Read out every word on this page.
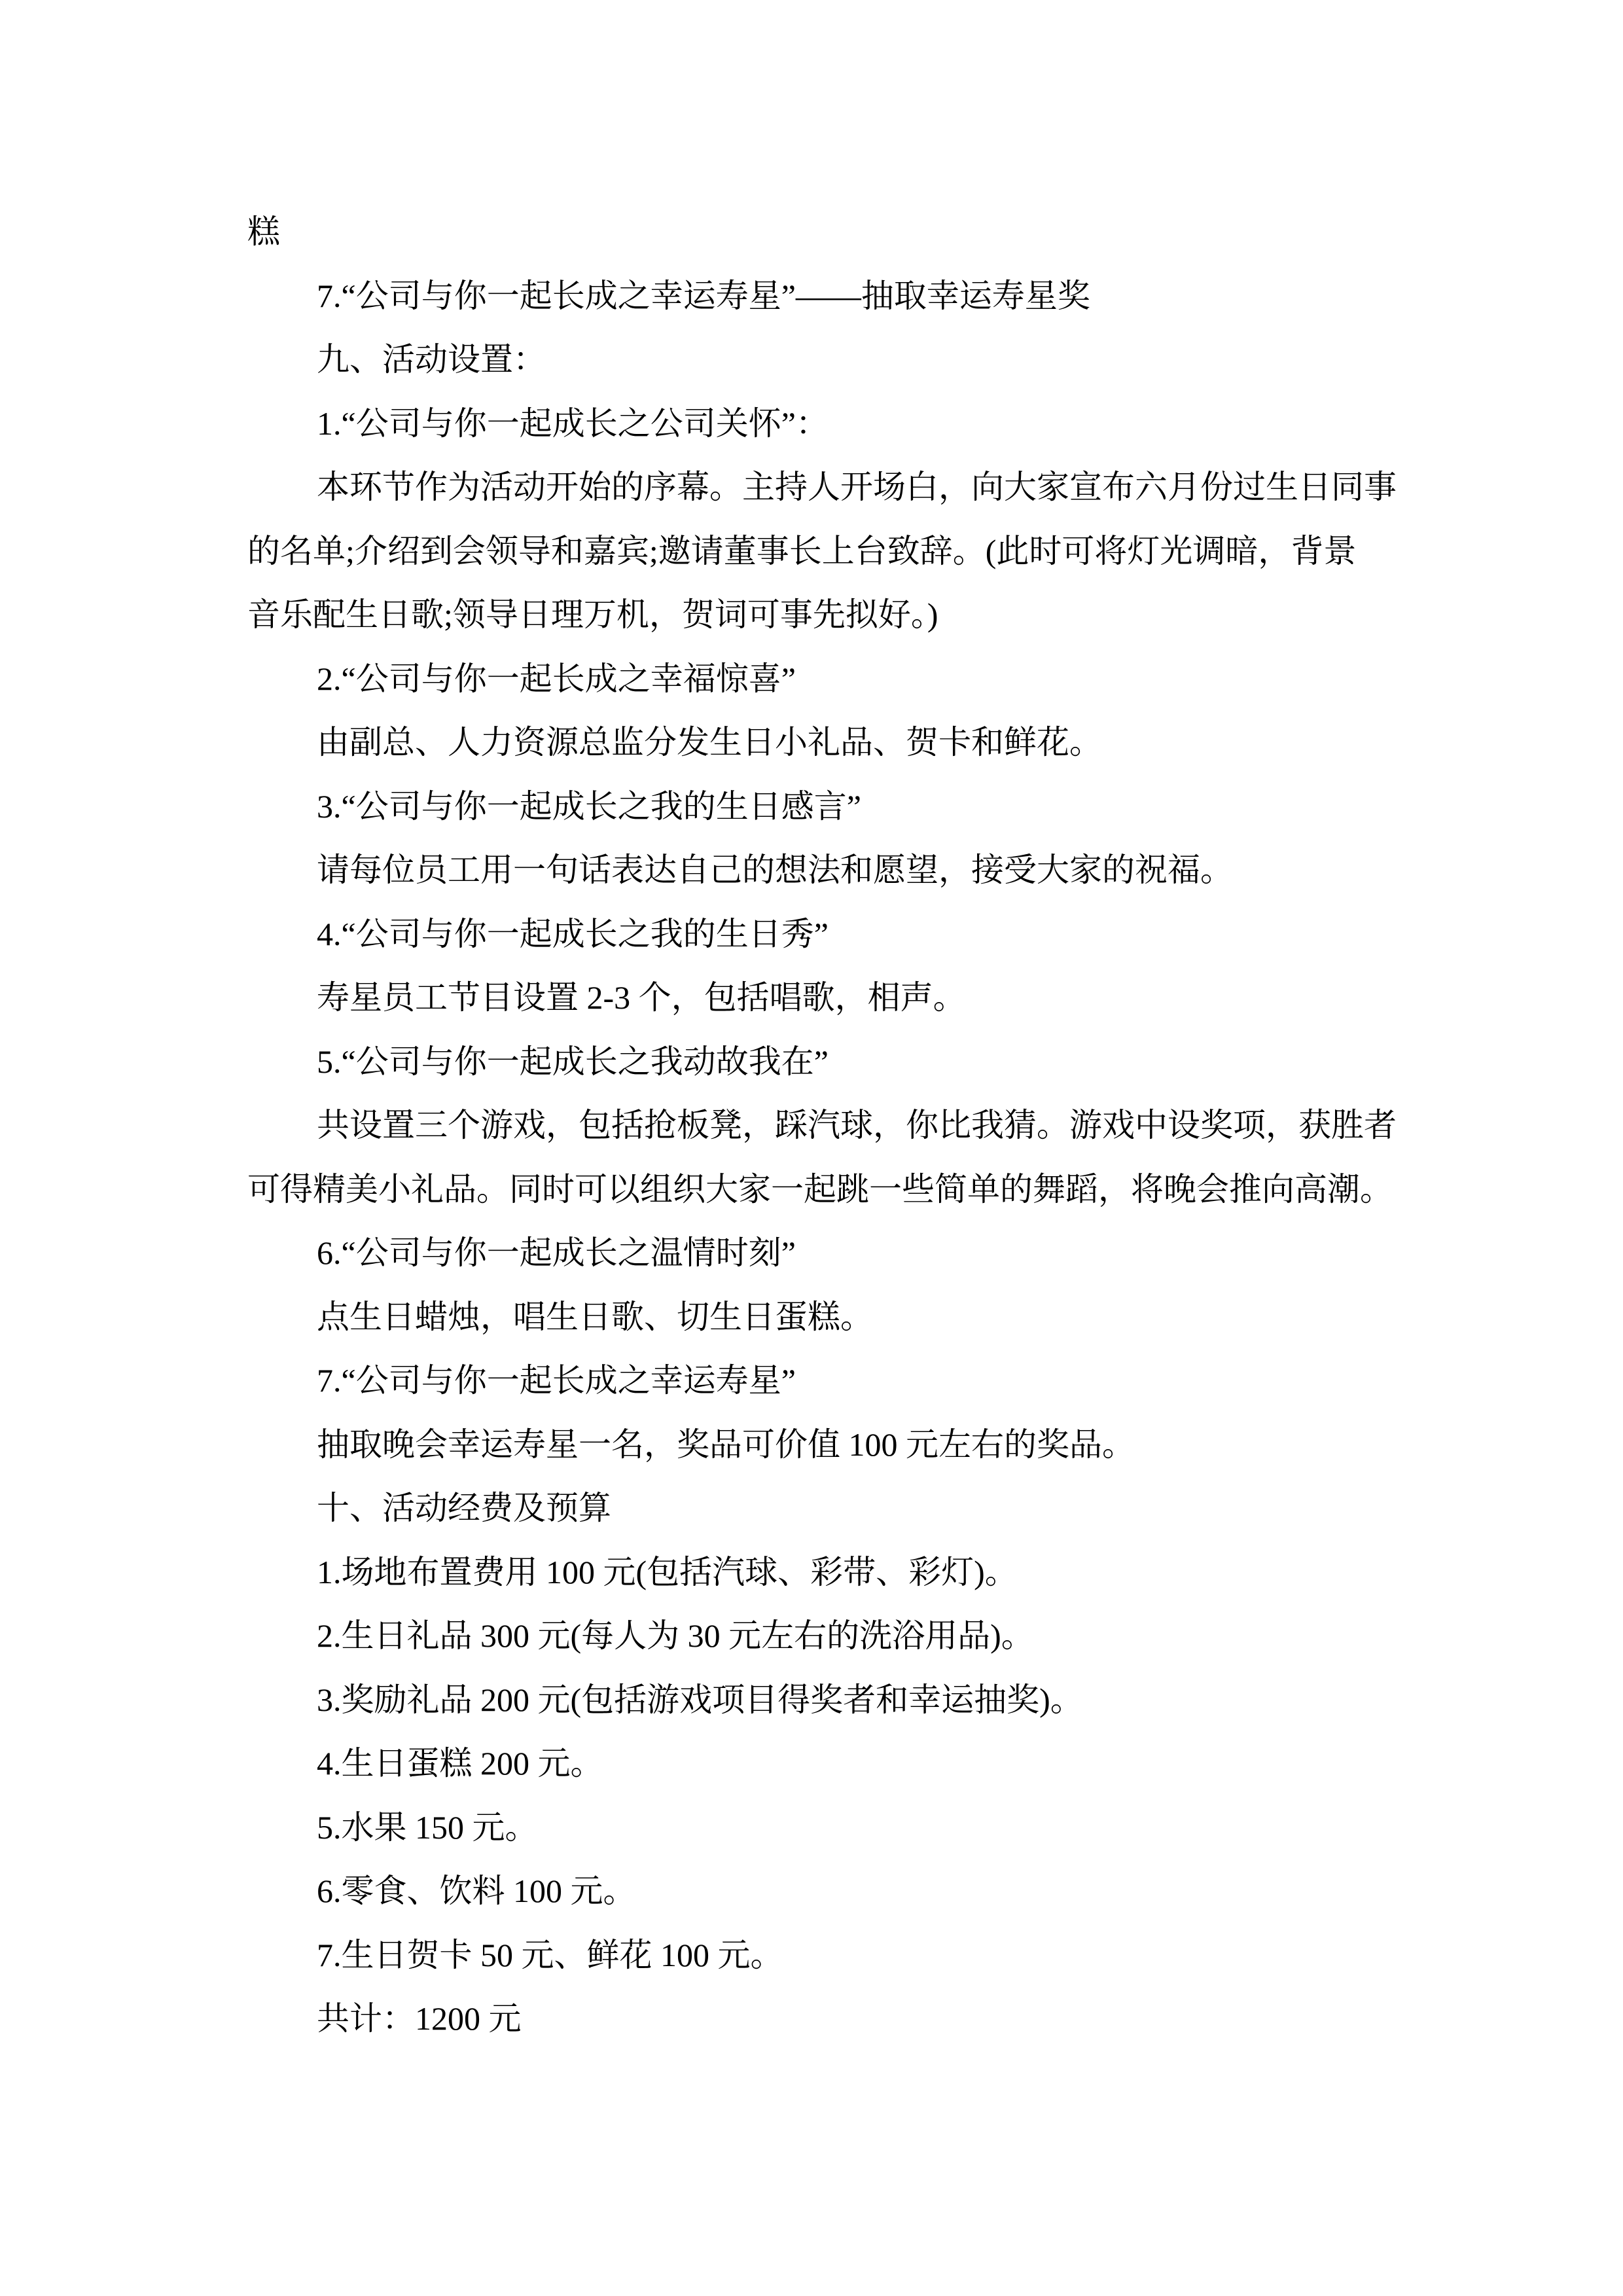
糕
7.“公司与你一起长成之幸运寿星”——抽取幸运寿星奖
九、活动设置：
1.“公司与你一起成长之公司关怀”：
本环节作为活动开始的序幕。主持人开场白，向大家宣布六月份过生日同事
的名单;介绍到会领导和嘉宾;邀请董事长上台致辞。(此时可将灯光调暗，背景
音乐配生日歌;领导日理万机，贺词可事先拟好。)
2.“公司与你一起长成之幸福惊喜”
由副总、人力资源总监分发生日小礼品、贺卡和鲜花。
3.“公司与你一起成长之我的生日感言”
请每位员工用一句话表达自己的想法和愿望，接受大家的祝福。
4.“公司与你一起成长之我的生日秀”
寿星员工节目设置 2-3 个，包括唱歌，相声。
5.“公司与你一起成长之我动故我在”
共设置三个游戏，包括抢板凳，踩汽球，你比我猜。游戏中设奖项，获胜者
可得精美小礼品。同时可以组织大家一起跳一些简单的舞蹈，将晚会推向高潮。
6.“公司与你一起成长之温情时刻”
点生日蜡烛，唱生日歌、切生日蛋糕。
7.“公司与你一起长成之幸运寿星”
抽取晚会幸运寿星一名，奖品可价值 100 元左右的奖品。
十、活动经费及预算
1.场地布置费用 100 元(包括汽球、彩带、彩灯)。
2.生日礼品 300 元(每人为 30 元左右的洗浴用品)。
3.奖励礼品 200 元(包括游戏项目得奖者和幸运抽奖)。
4.生日蛋糕 200 元。
5.水果 150 元。
6.零食、饮料 100 元。
7.生日贺卡 50 元、鲜花 100 元。
共计：1200 元
